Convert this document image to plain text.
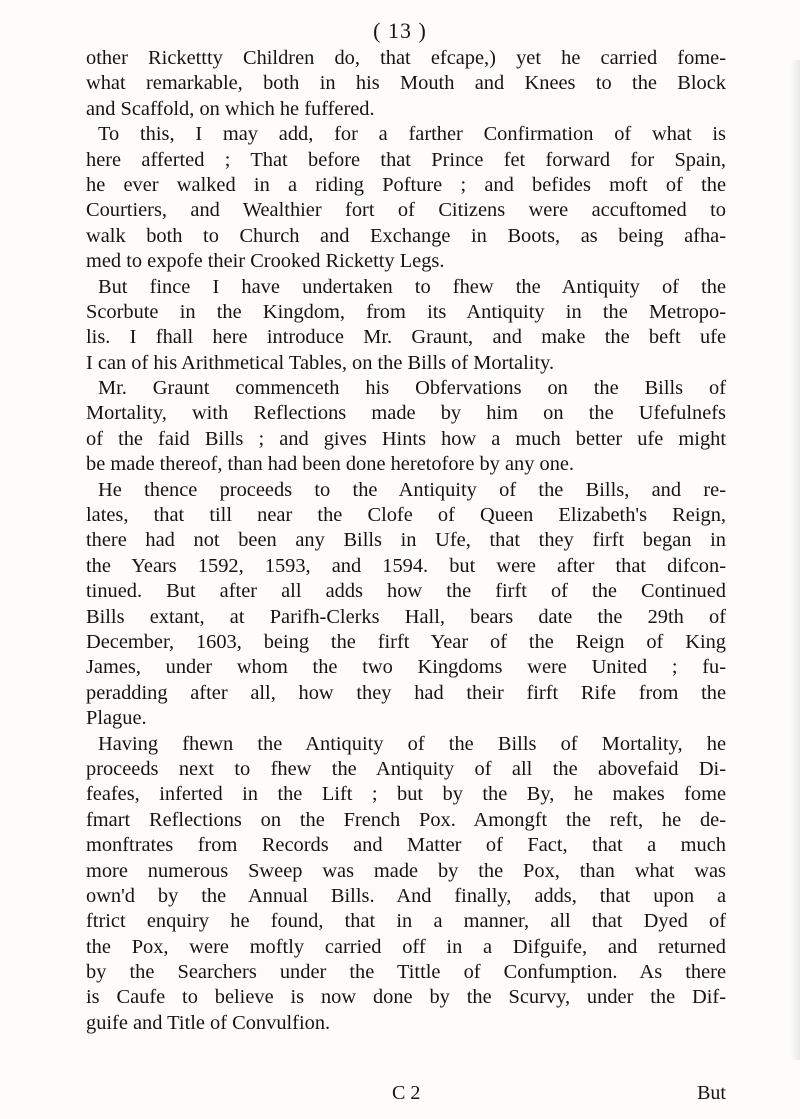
( 13 )
other Rickettty Children do, that efcape,) yet he carried fome-
what remarkable, both in his Mouth and Knees to the Block
and Scaffold, on which he fuffered.
To this, I may add, for a farther Confirmation of what is
here afferted ; That before that Prince fet forward for Spain,
he ever walked in a riding Pofture ; and befides moft of the
Courtiers, and Wealthier fort of Citizens were accuftomed to
walk both to Church and Exchange in Boots, as being afha-
med to expofe their Crooked Ricketty Legs.
But fince I have undertaken to fhew the Antiquity of the
Scorbute in the Kingdom, from its Antiquity in the Metropo-
lis. I fhall here introduce Mr. Graunt, and make the beft ufe
I can of his Arithmetical Tables, on the Bills of Mortality.
Mr. Graunt commenceth his Obfervations on the Bills of
Mortality, with Reflections made by him on the Ufefulnefs
of the faid Bills ; and gives Hints how a much better ufe might
be made thereof, than had been done heretofore by any one.
He thence proceeds to the Antiquity of the Bills, and re-
lates, that till near the Clofe of Queen Elizabeth's Reign,
there had not been any Bills in Ufe, that they firft began in
the Years 1592, 1593, and 1594. but were after that difcon-
tinued. But after all adds how the firft of the Continued
Bills extant, at Parifh-Clerks Hall, bears date the 29th of
December, 1603, being the firft Year of the Reign of King
James, under whom the two Kingdoms were United ; fu-
peradding after all, how they had their firft Rife from the
Plague.
Having fhewn the Antiquity of the Bills of Mortality, he
proceeds next to fhew the Antiquity of all the abovefaid Di-
feafes, inferted in the Lift ; but by the By, he makes fome
fmart Reflections on the French Pox. Amongft the reft, he de-
monftrates from Records and Matter of Fact, that a much
more numerous Sweep was made by the Pox, than what was
own'd by the Annual Bills. And finally, adds, that upon a
ftrict enquiry he found, that in a manner, all that Dyed of
the Pox, were moftly carried off in a Difguife, and returned
by the Searchers under the Tittle of Confumption. As there
is Caufe to believe is now done by the Scurvy, under the Dif-
guife and Title of Convulfion.
C 2	But
